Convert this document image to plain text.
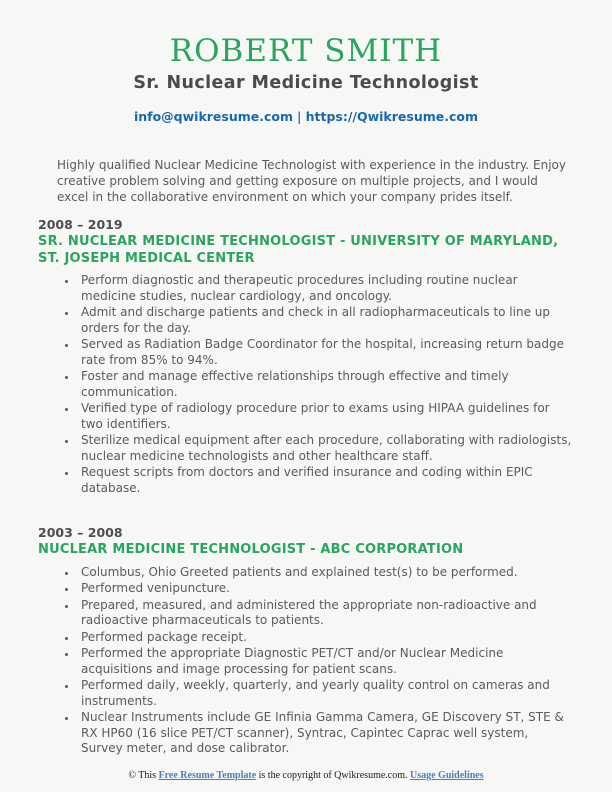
ROBERT SMITH
Sr. Nuclear Medicine Technologist
info@qwikresume.com | https://Qwikresume.com
Highly qualified Nuclear Medicine Technologist with experience in the industry. Enjoy creative problem solving and getting exposure on multiple projects, and I would excel in the collaborative environment on which your company prides itself.
2008 – 2019
SR. NUCLEAR MEDICINE TECHNOLOGIST - UNIVERSITY OF MARYLAND, ST. JOSEPH MEDICAL CENTER
• Perform diagnostic and therapeutic procedures including routine nuclear medicine studies, nuclear cardiology, and oncology.
• Admit and discharge patients and check in all radiopharmaceuticals to line up orders for the day.
• Served as Radiation Badge Coordinator for the hospital, increasing return badge rate from 85% to 94%.
• Foster and manage effective relationships through effective and timely communication.
• Verified type of radiology procedure prior to exams using HIPAA guidelines for two identifiers.
• Sterilize medical equipment after each procedure, collaborating with radiologists, nuclear medicine technologists and other healthcare staff.
• Request scripts from doctors and verified insurance and coding within EPIC database.
2003 – 2008
NUCLEAR MEDICINE TECHNOLOGIST - ABC CORPORATION
• Columbus, Ohio Greeted patients and explained test(s) to be performed.
• Performed venipuncture.
• Prepared, measured, and administered the appropriate non-radioactive and radioactive pharmaceuticals to patients.
• Performed package receipt.
• Performed the appropriate Diagnostic PET/CT and/or Nuclear Medicine acquisitions and image processing for patient scans.
• Performed daily, weekly, quarterly, and yearly quality control on cameras and instruments.
• Nuclear Instruments include GE Infinia Gamma Camera, GE Discovery ST, STE & RX HP60 (16 slice PET/CT scanner), Syntrac, Capintec Caprac well system, Survey meter, and dose calibrator.
© This Free Resume Template is the copyright of Qwikresume.com. Usage Guidelines
